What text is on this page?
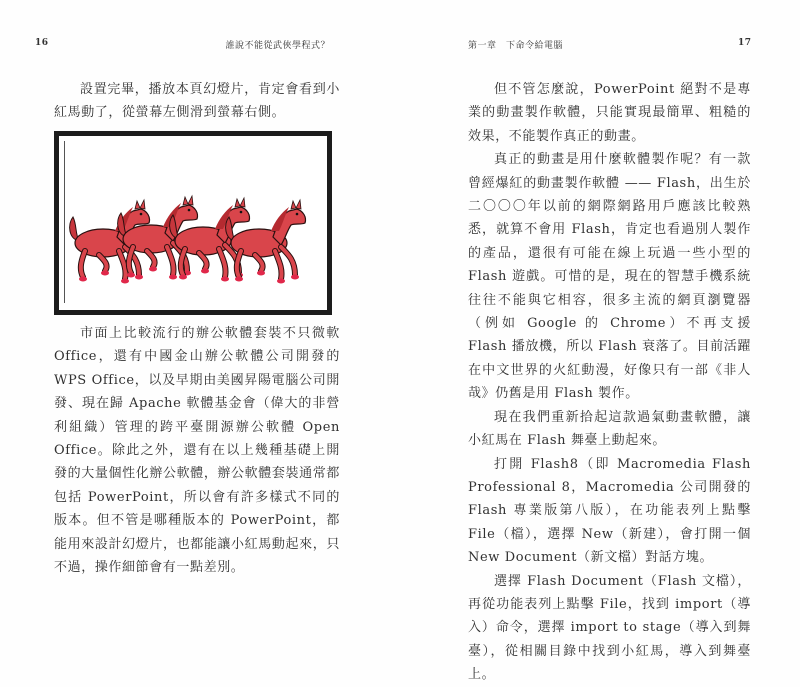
16	誰說不能從武俠學程式？

設置完畢，播放本頁幻燈片，肯定會看到小紅馬動了，從螢幕左側滑到螢幕右側。

市面上比較流行的辦公軟體套裝不只微軟 Office，還有中國金山辦公軟體公司開發的 WPS Office，以及早期由美國昇陽電腦公司開發、現在歸 Apache 軟體基金會（偉大的非營利組織）管理的跨平臺開源辦公軟體 Open Office。除此之外，還有在以上幾種基礎上開發的大量個性化辦公軟體，辦公軟體套裝通常都包括 PowerPoint，所以會有許多樣式不同的版本。但不管是哪種版本的 PowerPoint，都能用來設計幻燈片，也都能讓小紅馬動起來，只不過，操作細節會有一點差別。

第一章　下命令給電腦	17

但不管怎麼說，PowerPoint 絕對不是專業的動畫製作軟體，只能實現最簡單、粗糙的效果，不能製作真正的動畫。

真正的動畫是用什麼軟體製作呢？有一款曾經爆紅的動畫製作軟體 —— Flash，出生於二〇〇〇年以前的網際網路用戶應該比較熟悉，就算不會用 Flash，肯定也看過別人製作的產品，還很有可能在線上玩過一些小型的 Flash 遊戲。可惜的是，現在的智慧手機系統往往不能與它相容，很多主流的網頁瀏覽器（例如 Google 的 Chrome）不再支援 Flash 播放機，所以 Flash 衰落了。目前活躍在中文世界的火紅動漫，好像只有一部《非人哉》仍舊是用 Flash 製作。

現在我們重新拾起這款過氣動畫軟體，讓小紅馬在 Flash 舞臺上動起來。

打開 Flash8（即 Macromedia Flash Professional 8，Macromedia 公司開發的 Flash 專業版第八版），在功能表列上點擊 File（檔），選擇 New（新建），會打開一個 New Document（新文檔）對話方塊。

選擇 Flash Document（Flash 文檔），再從功能表列上點擊 File，找到 import（導入）命令，選擇 import to stage（導入到舞臺），從相關目錄中找到小紅馬，導入到舞臺上。
